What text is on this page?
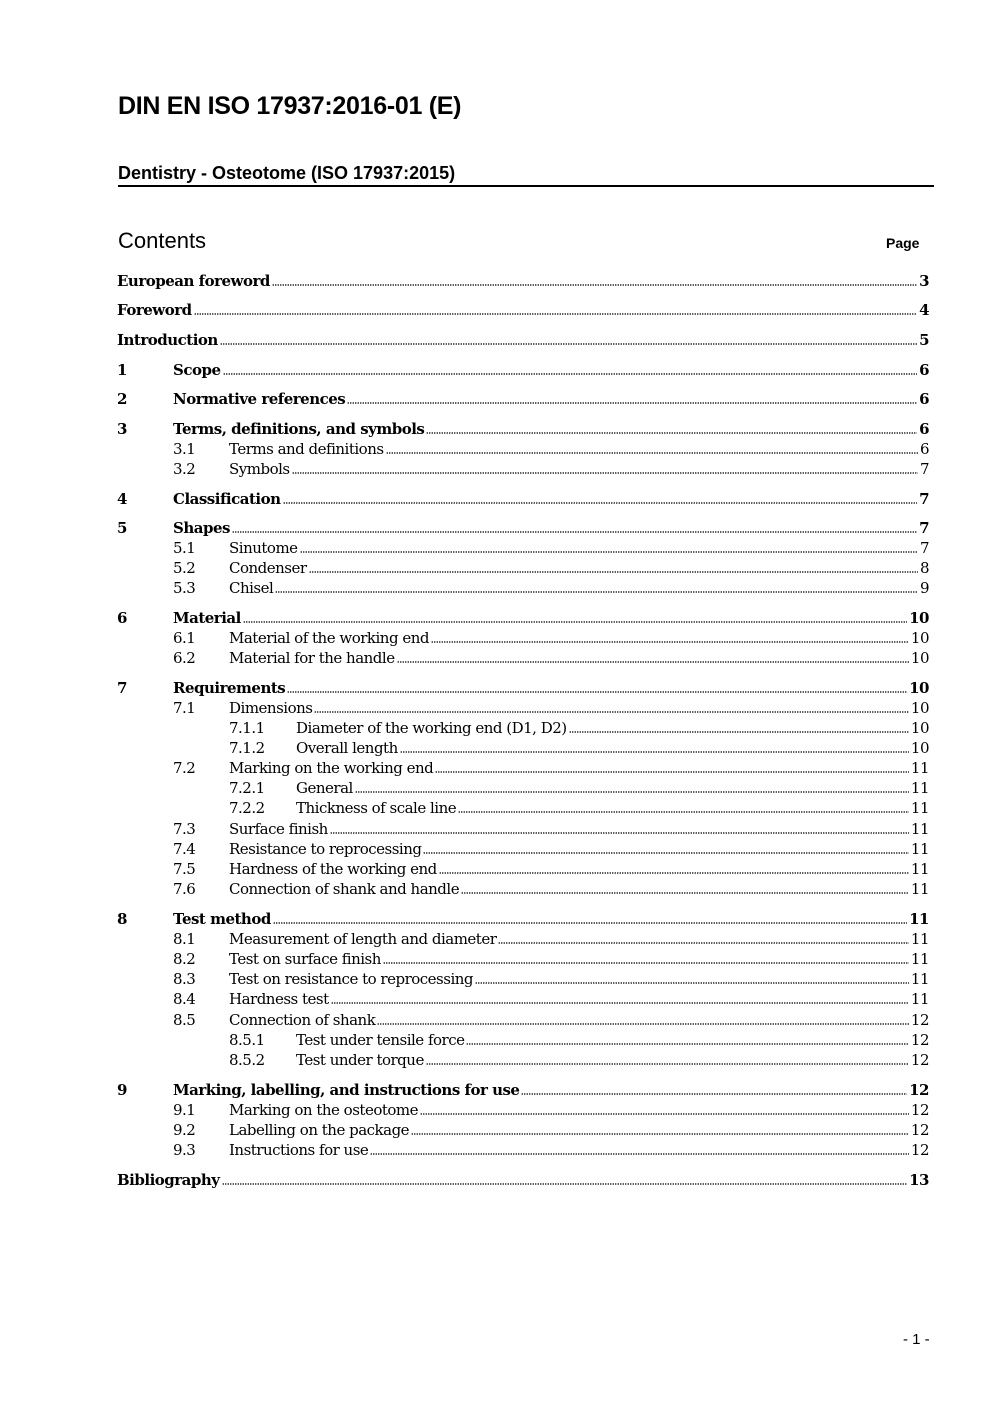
DIN EN ISO 17937:2016-01 (E)
Dentistry - Osteotome (ISO 17937:2015)
Contents	Page
European foreword	3
Foreword	4
Introduction	5
1	Scope	6
2	Normative references	6
3	Terms, definitions, and symbols	6
3.1 Terms and definitions	6
3.2 Symbols	7
4	Classification	7
5	Shapes	7
5.1 Sinutome	7
5.2 Condenser	8
5.3 Chisel	9
6	Material	10
6.1 Material of the working end	10
6.2 Material for the handle	10
7	Requirements	10
7.1 Dimensions	10
7.1.1 Diameter of the working end (D1, D2)	10
7.1.2 Overall length	10
7.2 Marking on the working end	11
7.2.1 General	11
7.2.2 Thickness of scale line	11
7.3 Surface finish	11
7.4 Resistance to reprocessing	11
7.5 Hardness of the working end	11
7.6 Connection of shank and handle	11
8	Test method	11
8.1 Measurement of length and diameter	11
8.2 Test on surface finish	11
8.3 Test on resistance to reprocessing	11
8.4 Hardness test	11
8.5 Connection of shank	12
8.5.1 Test under tensile force	12
8.5.2 Test under torque	12
9	Marking, labelling, and instructions for use	12
9.1 Marking on the osteotome	12
9.2 Labelling on the package	12
9.3 Instructions for use	12
Bibliography	13
- 1 -
